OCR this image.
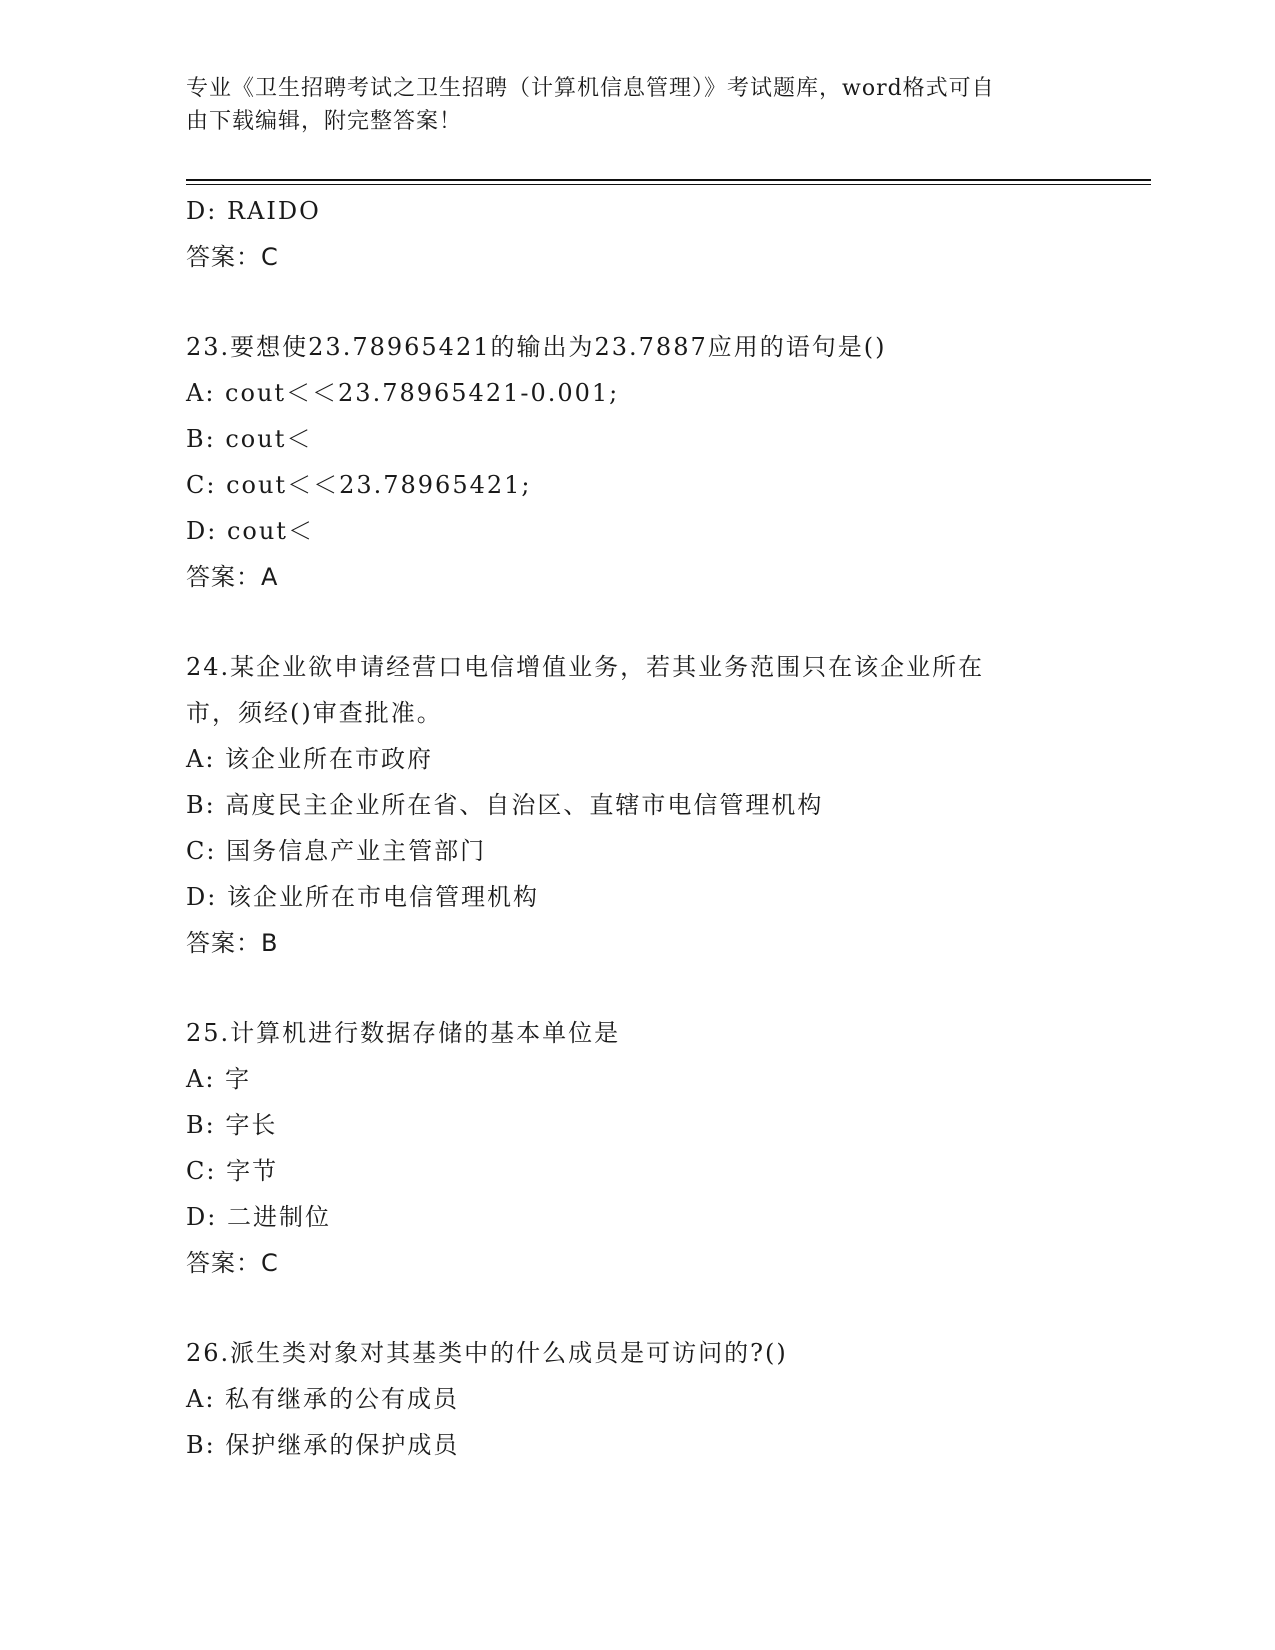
专业《卫生招聘考试之卫生招聘（计算机信息管理）》考试题库，word格式可自
由下载编辑，附完整答案！
D: RAIDO
答案：C
23.要想使23.78965421的输出为23.7887应用的语句是()
A: cout＜＜23.78965421-0.001;
B: cout＜
C: cout＜＜23.78965421;
D: cout＜
答案：A
24.某企业欲申请经营口电信增值业务，若其业务范围只在该企业所在
市，须经()审查批准。
A: 该企业所在市政府
B: 高度民主企业所在省、自治区、直辖市电信管理机构
C: 国务信息产业主管部门
D: 该企业所在市电信管理机构
答案：B
25.计算机进行数据存储的基本单位是
A: 字
B: 字长
C: 字节
D: 二进制位
答案：C
26.派生类对象对其基类中的什么成员是可访问的?()
A: 私有继承的公有成员
B: 保护继承的保护成员
